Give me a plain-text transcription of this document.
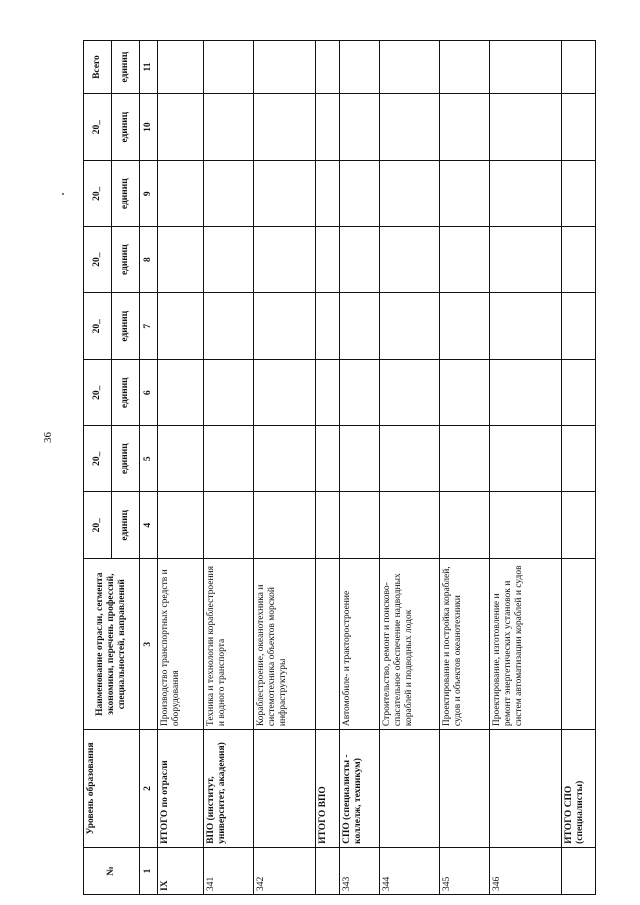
36
№	Уровень образования	Наименование отрасли, сегмента экономики, перечень профессий, специальностей, направлений	20_	20_	20_	20_	20_	20_	20_	Всего
			единиц	единиц	единиц	единиц	единиц	единиц	единиц	единиц
1	2	3	4	5	6	7	8	9	10	11
IX	ИТОГО по отрасли	Производство транспортных средств и оборудования								
341	ВПО (институт, университет, академия)	Техника и технологии кораблестроения и водного транспорта								
342		Кораблестроение, океанотехника и системотехника объектов морской инфраструктуры								
	ИТОГО ВПО									
343	СПО (специалисты - коллелж, техникум)	Автомобиле- и тракторостроение								
344		Строительство, ремонт и поисково-спасательное обеспечение надводных кораблей и подводных лодок								
345		Проектирование и постройка кораблей, судов и объектов океанотехники								
346		Проектирование, изготовление и ремонт энергетических установок и систем автоматизации кораблей и судов								
	ИТОГО СПО (специалисты)									
